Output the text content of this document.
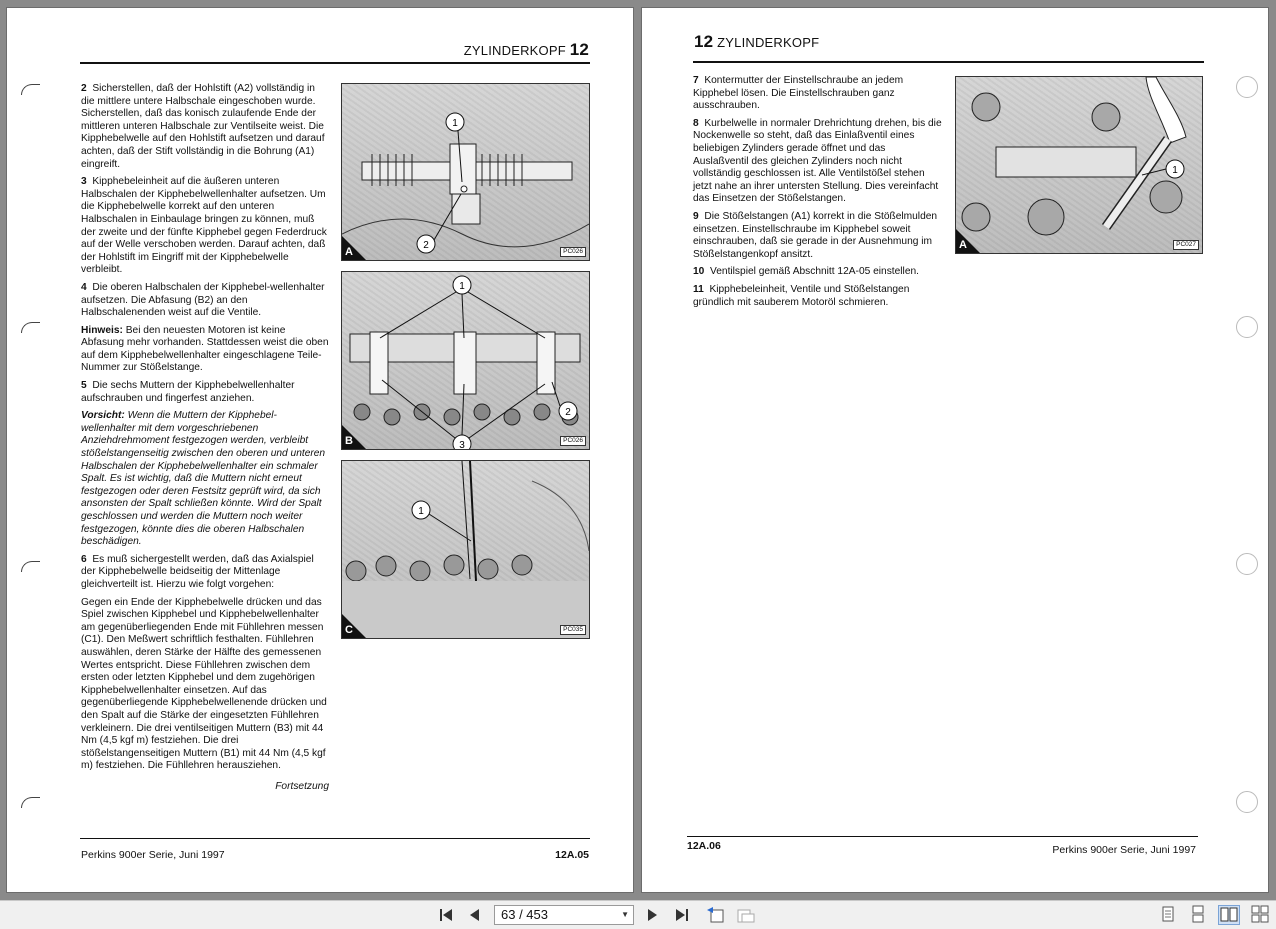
ZYLINDERKOPF 12

2 Sicherstellen, daß der Hohlstift (A2) vollständig in die mittlere untere Halbschale eingeschoben wurde. Sicherstellen, daß das konisch zulaufende Ende der mittleren unteren Halbschale zur Ventilseite weist. Die Kipphebelwelle auf den Hohlstift aufsetzen und darauf achten, daß der Stift vollständig in die Bohrung (A1) eingreift.

3 Kipphebeleinheit auf die äußeren unteren Halbschalen der Kipphebelwellenhalter aufsetzen. Um die Kipphebelwelle korrekt auf den unteren Halbschalen in Einbaulage bringen zu können, muß der zweite und der fünfte Kipphebel gegen Federdruck auf der Welle verschoben werden. Darauf achten, daß der Hohlstift im Eingriff mit der Kipphebelwelle verbleibt.

4 Die oberen Halbschalen der Kipphebel-wellenhalter aufsetzen. Die Abfasung (B2) an den Halbschalenenden weist auf die Ventile.

Hinweis: Bei den neuesten Motoren ist keine Abfasung mehr vorhanden. Stattdessen weist die oben auf dem Kipphebelwellenhalter eingeschlagene Teile-Nummer zur Stößelstange.

5 Die sechs Muttern der Kipphebelwellenhalter aufschrauben und fingerfest anziehen.

Vorsicht: Wenn die Muttern der Kipphebel-wellenhalter mit dem vorgeschriebenen Anziehdrehmoment festgezogen werden, verbleibt stößelstangenseitig zwischen den oberen und unteren Halbschalen der Kipphebelwellenhalter ein schmaler Spalt. Es ist wichtig, daß die Muttern nicht erneut festgezogen oder deren Festsitz geprüft wird, da sich ansonsten der Spalt schließen könnte. Wird der Spalt geschlossen und werden die Muttern noch weiter festgezogen, könnte dies die oberen Halbschalen beschädigen.

6 Es muß sichergestellt werden, daß das Axialspiel der Kipphebelwelle beidseitig der Mittenlage gleichverteilt ist. Hierzu wie folgt vorgehen:

Gegen ein Ende der Kipphebelwelle drücken und das Spiel zwischen Kipphebel und Kipphebelwellenhalter am gegenüberliegenden Ende mit Fühllehren messen (C1). Den Meßwert schriftlich festhalten. Fühllehren auswählen, deren Stärke der Hälfte des gemessenen Wertes entspricht. Diese Fühllehren zwischen dem ersten oder letzten Kipphebel und dem zugehörigen Kipphebelwellenhalter einsetzen. Auf das gegenüberliegende Kipphebelwellenende drücken und den Spalt auf die Stärke der eingesetzten Fühllehren verkleinern. Die drei ventilseitigen Muttern (B3) mit 44 Nm (4,5 kgf m) festziehen. Die drei stößelstangenseitigen Muttern (B1) mit 44 Nm (4,5 kgf m) festziehen. Die Fühllehren herausziehen.

Fortsetzung

1
2
A	PC026
1
2
3
B	PC026
1
C	PC035
Perkins 900er Serie, Juni 1997	12A.05
12 ZYLINDERKOPF

7 Kontermutter der Einstellschraube an jedem Kipphebel lösen. Die Einstellschrauben ganz ausschrauben.

8 Kurbelwelle in normaler Drehrichtung drehen, bis die Nockenwelle so steht, daß das Einlaßventil eines beliebigen Zylinders gerade öffnet und das Auslaßventil des gleichen Zylinders noch nicht vollständig geschlossen ist. Alle Ventilstößel stehen jetzt nahe an ihrer untersten Stellung. Dies vereinfacht das Einsetzen der Stößelstangen.

9 Die Stößelstangen (A1) korrekt in die Stößelmulden einsetzen. Einstellschraube im Kipphebel soweit einschrauben, daß sie gerade in der Ausnehmung im Stößelstangenkopf ansitzt.

10 Ventilspiel gemäß Abschnitt 12A-05 einstellen.

11 Kipphebeleinheit, Ventile und Stößelstangen gründlich mit sauberem Motoröl schmieren.

1
A	PC027
12A.06	Perkins 900er Serie, Juni 1997
63 / 453	▼
